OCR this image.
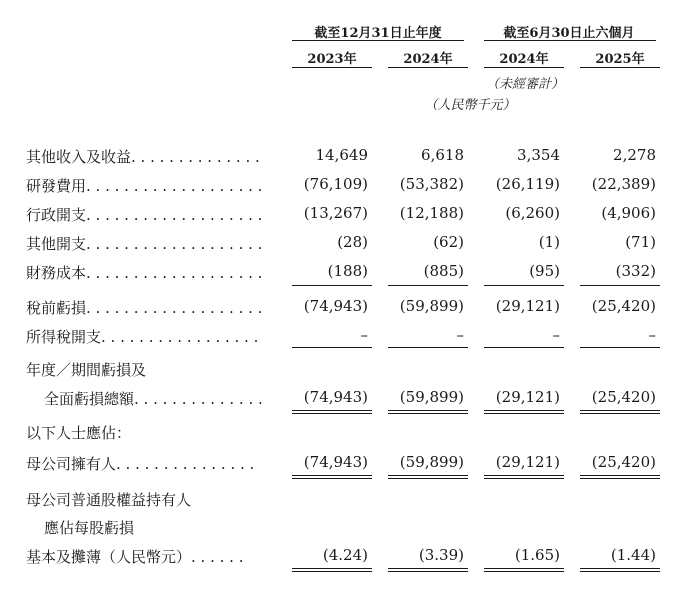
截至12月31日止年度	截至6月30日止六個月
2023年	2024年	2024年	2025年
（未經審計）
（人民幣千元）
其他收入及收益. . . . . . . . . . . . . .	14,649	6,618	3,354	2,278
研發費用. . . . . . . . . . . . . . . . . . .	(76,109)	(53,382)	(26,119)	(22,389)
行政開支. . . . . . . . . . . . . . . . . . .	(13,267)	(12,188)	(6,260)	(4,906)
其他開支. . . . . . . . . . . . . . . . . . .	(28)	(62)	(1)	(71)
財務成本. . . . . . . . . . . . . . . . . . .	(188)	(885)	(95)	(332)
稅前虧損. . . . . . . . . . . . . . . . . . .	(74,943)	(59,899)	(29,121)	(25,420)
所得稅開支. . . . . . . . . . . . . . . . .	–	–	–	–
年度／期間虧損及
全面虧損總額. . . . . . . . . . . . . .	(74,943)	(59,899)	(29,121)	(25,420)
以下人士應佔：
母公司擁有人. . . . . . . . . . . . . . .	(74,943)	(59,899)	(29,121)	(25,420)
母公司普通股權益持有人
應佔每股虧損
基本及攤薄（人民幣元）. . . . . .	(4.24)	(3.39)	(1.65)	(1.44)
